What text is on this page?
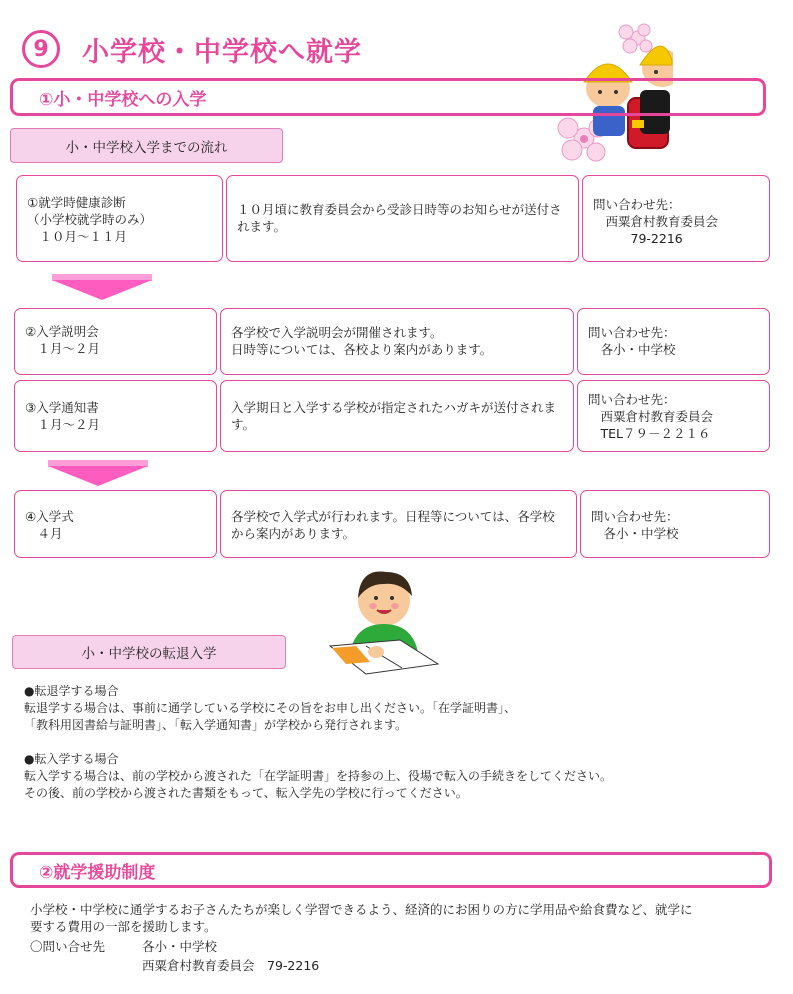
9 小学校・中学校へ就学
①小・中学校への入学
小・中学校入学までの流れ
①就学時健康診断
（小学校就学時のみ）
　１０月～１１月
１０月頃に教育委員会から受診日時等のお知らせが送付されます。
問い合わせ先：
　西粟倉村教育委員会
　　　79-2216
②入学説明会
　１月～２月
各学校で入学説明会が開催されます。
日時等については、各校より案内があります。
問い合わせ先：
　各小・中学校
③入学通知書
　１月～２月
入学期日と入学する学校が指定されたハガキが送付されます。
問い合わせ先：
　西粟倉村教育委員会
　TEL７９－２２１６
④入学式
　４月
各学校で入学式が行われます。日程等については、各学校から案内があります。
問い合わせ先：
　各小・中学校
小・中学校の転退入学
●転退学する場合
転退学する場合は、事前に通学している学校にその旨をお申し出ください。「在学証明書」、
「教科用図書給与証明書」、「転入学通知書」が学校から発行されます。

●転入学する場合
転入学する場合は、前の学校から渡された「在学証明書」を持参の上、役場で転入の手続きをしてください。
その後、前の学校から渡された書類をもって、転入学先の学校に行ってください。
②就学援助制度
小学校・中学校に通学するお子さんたちが楽しく学習できるよう、経済的にお困りの方に学用品や給食費など、就学に
要する費用の一部を援助します。
〇問い合せ先	各小・中学校
西粟倉村教育委員会　79-2216
